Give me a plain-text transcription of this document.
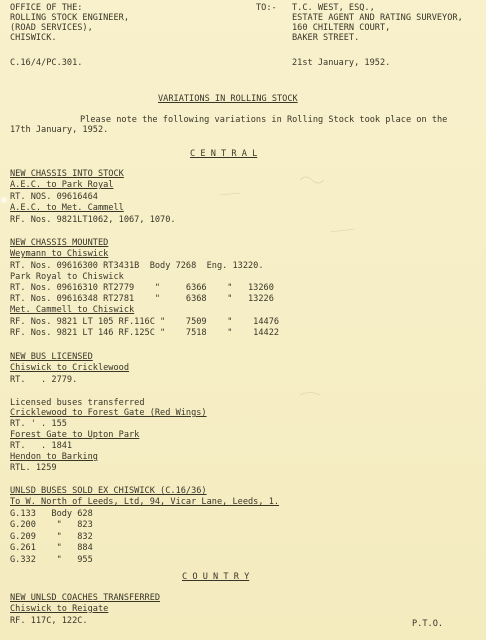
OFFICE OF THE:
ROLLING STOCK ENGINEER,
(ROAD SERVICES),
CHISWICK.
TO:- T.C. WEST, ESQ.,
ESTATE AGENT AND RATING SURVEYOR,
160 CHILTERN COURT,
BAKER STREET.
C.16/4/PC.301.	21st January, 1952.
VARIATIONS IN ROLLING STOCK
Please note the following variations in Rolling Stock took place on the
17th January, 1952.
C E N T R A L
NEW CHASSIS INTO STOCK
A.E.C. to Park Royal
RT. NOS. 09616464
A.E.C. to Met. Cammell
RF. Nos. 9821LT1062, 1067, 1070.
NEW CHASSIS MOUNTED
Weymann to Chiswick
RT. Nos. 09616300 RT3431B  Body 7268  Eng. 13220.
Park Royal to Chiswick
RT. Nos. 09616310 RT2779    "     6366    "   13260
RT. Nos. 09616348 RT2781    "     6368    "   13226
Met. Cammell to Chiswick
RF. Nos. 9821 LT 105 RF.116C "    7509    "    14476
RF. Nos. 9821 LT 146 RF.125C "    7518    "    14422
NEW BUS LICENSED
Chiswick to Cricklewood
RT.   . 2779.
Licensed buses transferred
Cricklewood to Forest Gate (Red Wings)
RT. ' . 155
Forest Gate to Upton Park
RT.   . 1841
Hendon to Barking
RTL. 1259
UNLSD BUSES SOLD EX CHISWICK (C.16/36)
To W. North of Leeds, Ltd, 94, Vicar Lane, Leeds, 1.
G.133   Body 628
G.200    "   823
G.209    "   832
G.261    "   884
G.332    "   955
C O U N T R Y
NEW UNLSD COACHES TRANSFERRED
Chiswick to Reigate
RF. 117C, 122C.	P.T.O.
